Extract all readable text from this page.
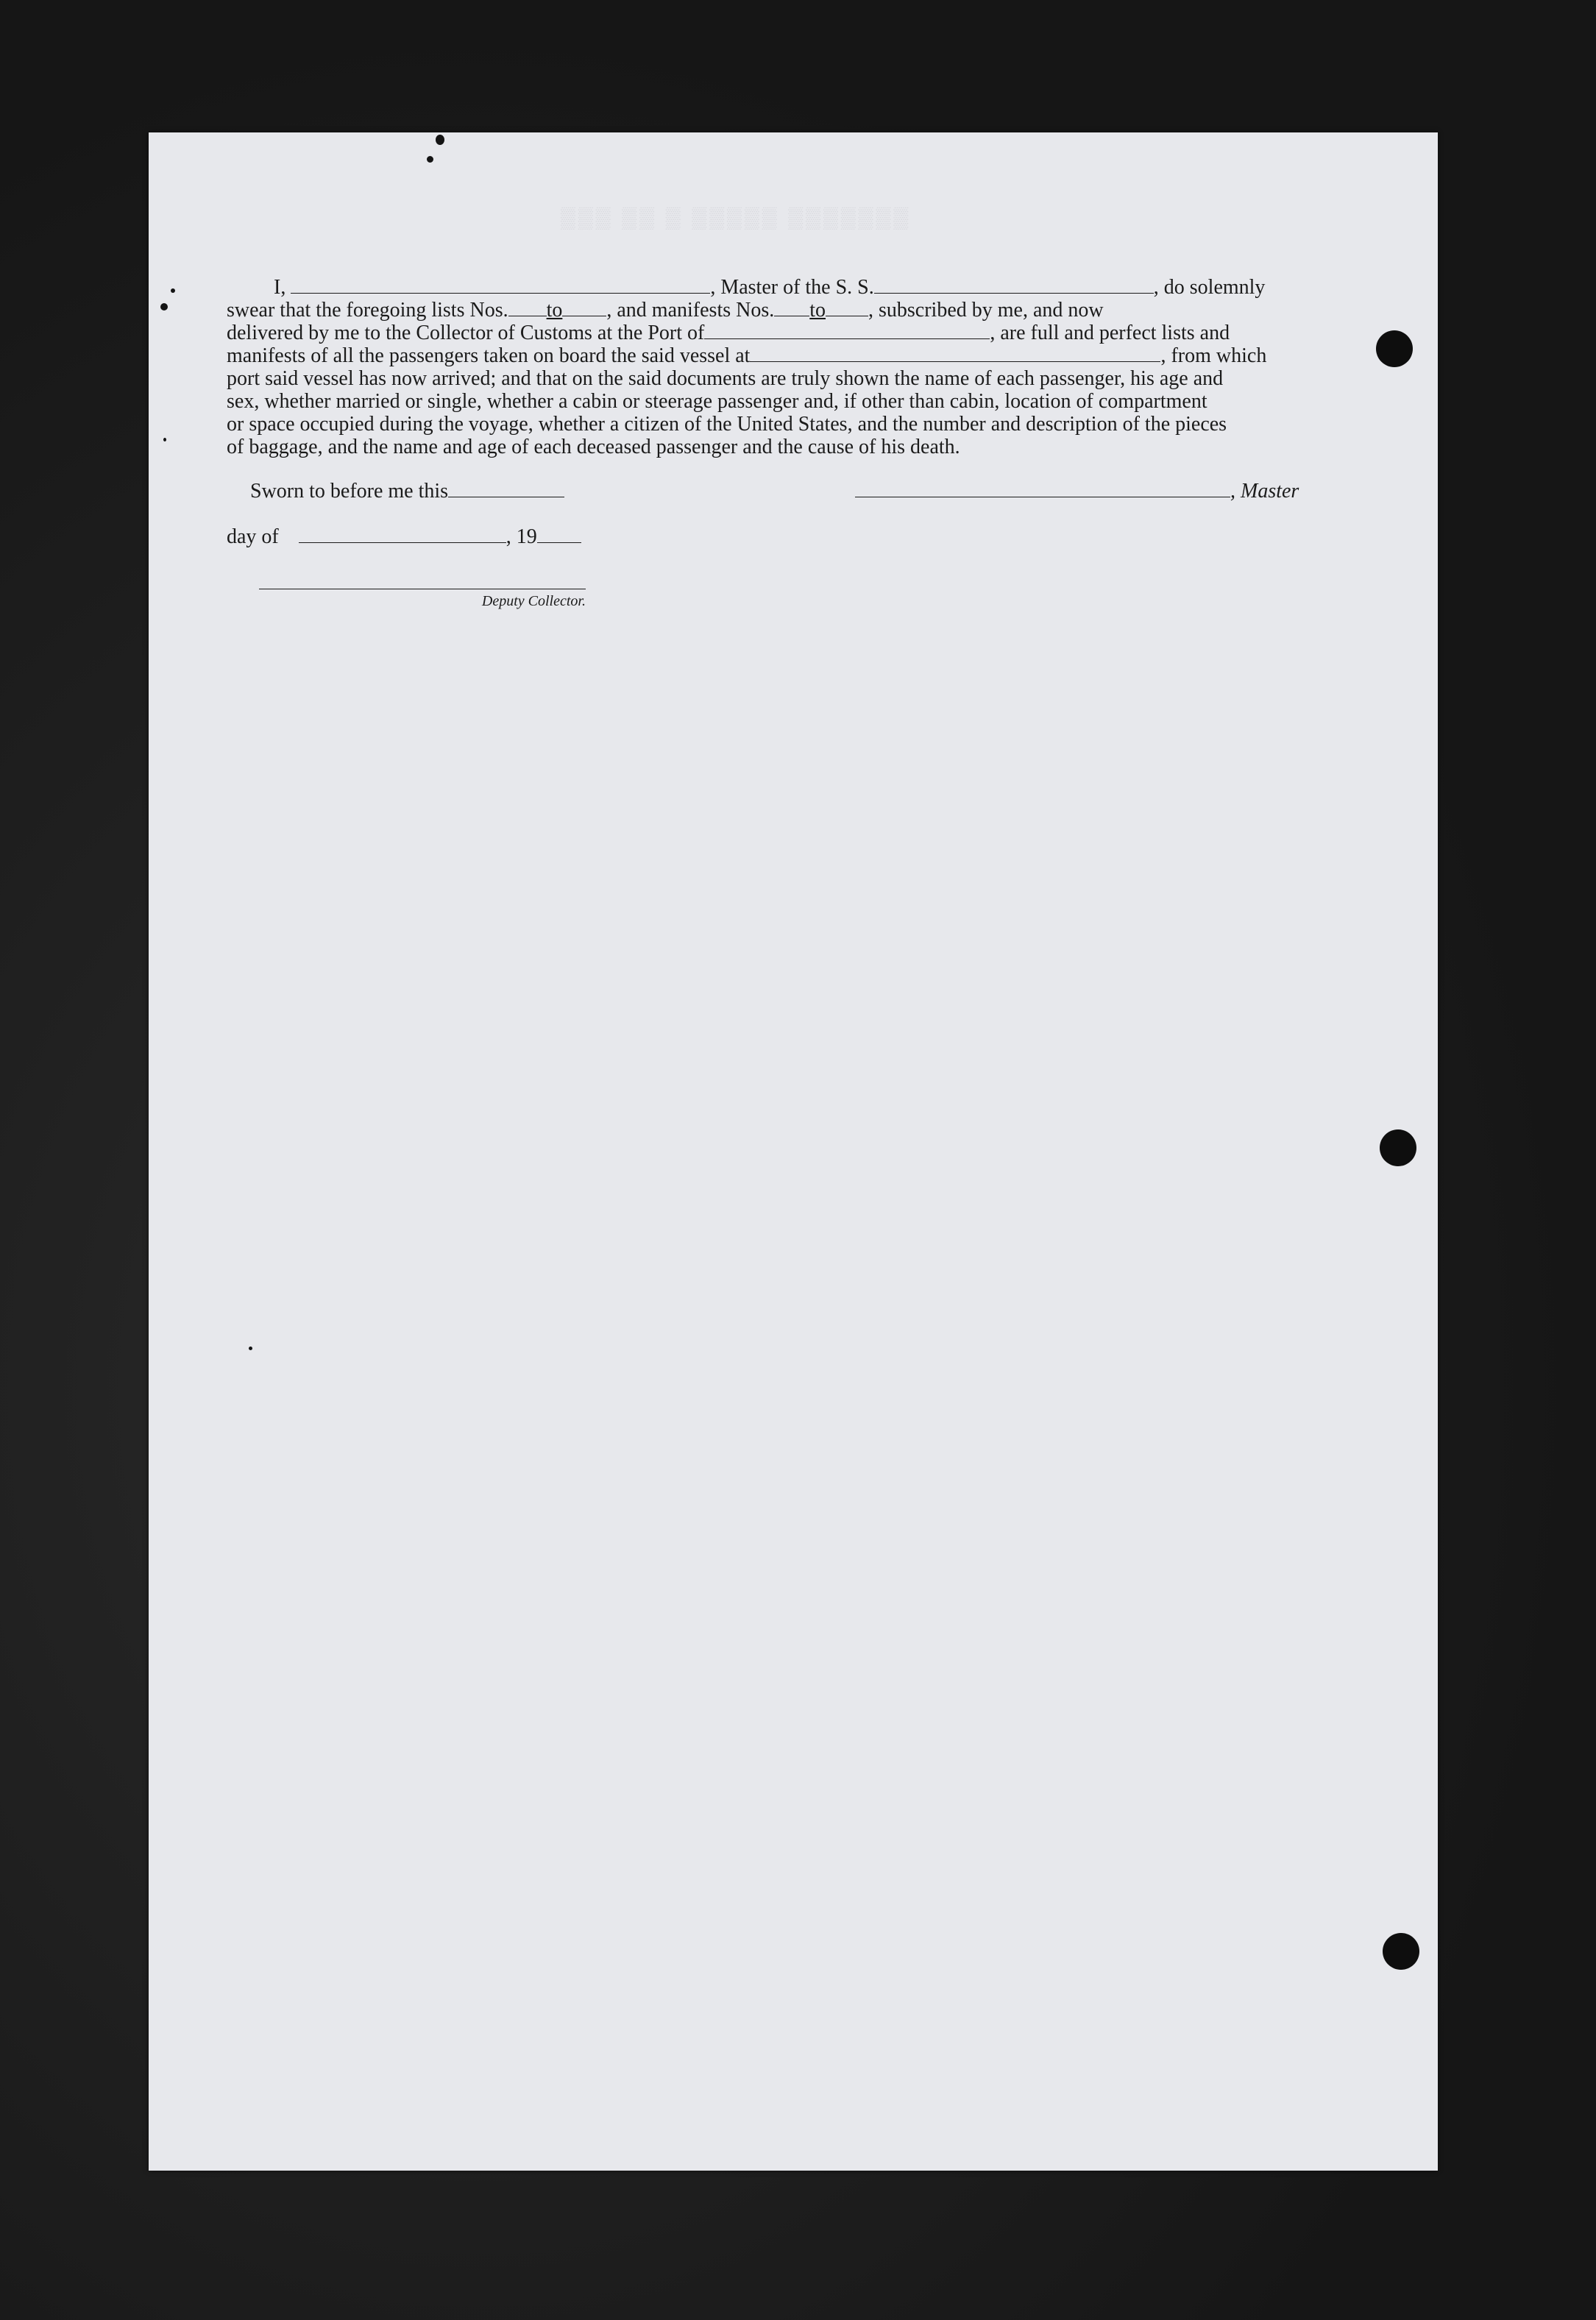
▒▒▒ ▒▒ ▒ ▒▒▒▒▒ ▒▒▒▒▒▒▒

I,	, Master of the S. S.	, do solemnly

swear that the foregoing lists Nos. to , and manifests Nos. to , subscribed by me, and now

delivered by me to the Collector of Customs at the Port of	, are full and perfect lists and

manifests of all the passengers taken on board the said vessel at	, from which

port said vessel has now arrived; and that on the said documents are truly shown the name of each passenger, his age and

sex, whether married or single, whether a cabin or steerage passenger and, if other than cabin, location of compartment

or space occupied during the voyage, whether a citizen of the United States, and the number and description of the pieces

of baggage, and the name and age of each deceased passenger and the cause of his death.

Sworn to before me this	, Master
day of	, 19
Deputy Collector.
